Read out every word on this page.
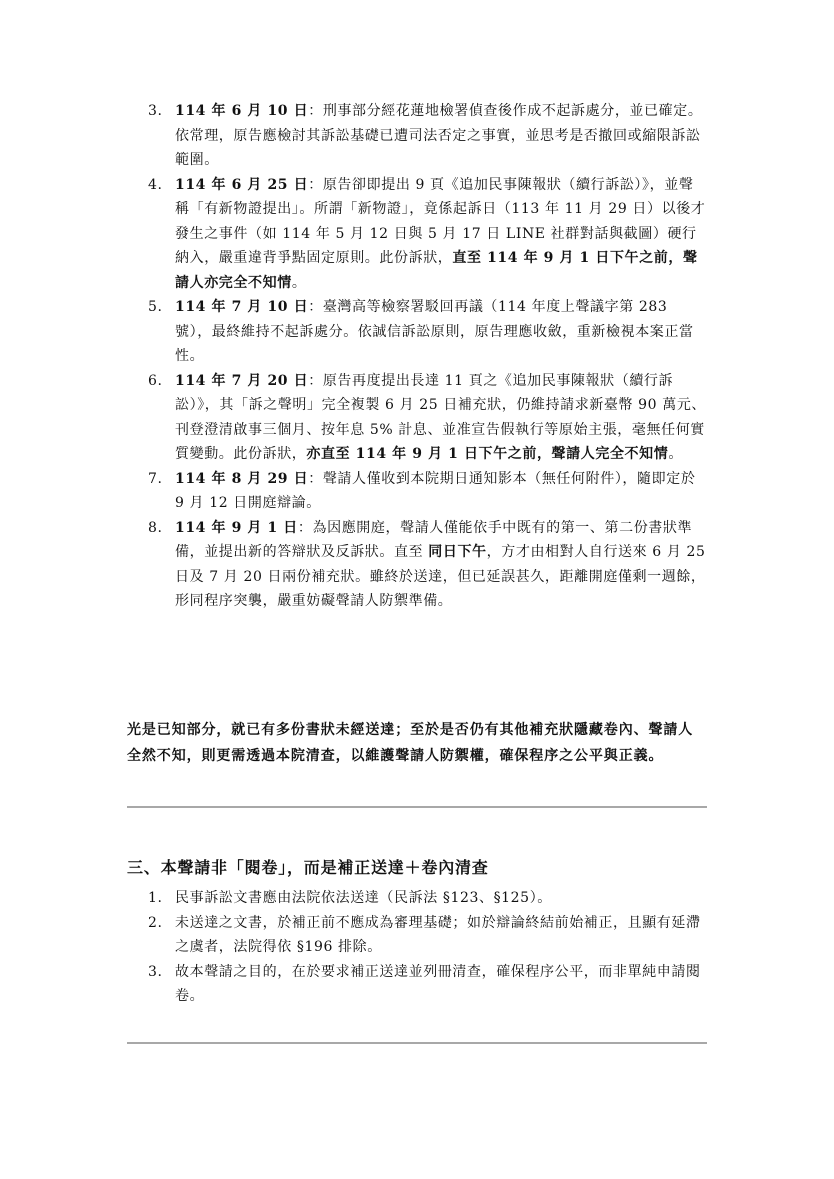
3. 114 年 6 月 10 日：刑事部分經花蓮地檢署偵查後作成不起訴處分，並已確定。依常理，原告應檢討其訴訟基礎已遭司法否定之事實，並思考是否撤回或縮限訴訟範圍。
4. 114 年 6 月 25 日：原告卻即提出 9 頁《追加民事陳報狀（續行訴訟）》，並聲稱「有新物證提出」。所謂「新物證」，竟係起訴日（113 年 11 月 29 日）以後才發生之事件（如 114 年 5 月 12 日與 5 月 17 日 LINE 社群對話與截圖）硬行納入，嚴重違背爭點固定原則。此份訴狀，直至 114 年 9 月 1 日下午之前，聲請人亦完全不知情。
5. 114 年 7 月 10 日：臺灣高等檢察署駁回再議（114 年度上聲議字第 283 號），最終維持不起訴處分。依誠信訴訟原則，原告理應收斂，重新檢視本案正當性。
6. 114 年 7 月 20 日：原告再度提出長達 11 頁之《追加民事陳報狀（續行訴訟）》，其「訴之聲明」完全複製 6 月 25 日補充狀，仍維持請求新臺幣 90 萬元、刊登澄清啟事三個月、按年息 5% 計息、並准宣告假執行等原始主張，毫無任何實質變動。此份訴狀，亦直至 114 年 9 月 1 日下午之前，聲請人完全不知情。
7. 114 年 8 月 29 日：聲請人僅收到本院期日通知影本（無任何附件），隨即定於 9 月 12 日開庭辯論。
8. 114 年 9 月 1 日：為因應開庭，聲請人僅能依手中既有的第一、第二份書狀準備，並提出新的答辯狀及反訴狀。直至 同日下午，方才由相對人自行送來 6 月 25 日及 7 月 20 日兩份補充狀。雖終於送達，但已延誤甚久，距離開庭僅剩一週餘，形同程序突襲，嚴重妨礙聲請人防禦準備。

光是已知部分，就已有多份書狀未經送達；至於是否仍有其他補充狀隱藏卷內、聲請人全然不知，則更需透過本院清查，以維護聲請人防禦權，確保程序之公平與正義。

三、本聲請非「閱卷」，而是補正送達＋卷內清查
1. 民事訴訟文書應由法院依法送達（民訴法 §123、§125）。
2. 未送達之文書，於補正前不應成為審理基礎；如於辯論終結前始補正，且顯有延滯之虞者，法院得依 §196 排除。
3. 故本聲請之目的，在於要求補正送達並列冊清查，確保程序公平，而非單純申請閱卷。
